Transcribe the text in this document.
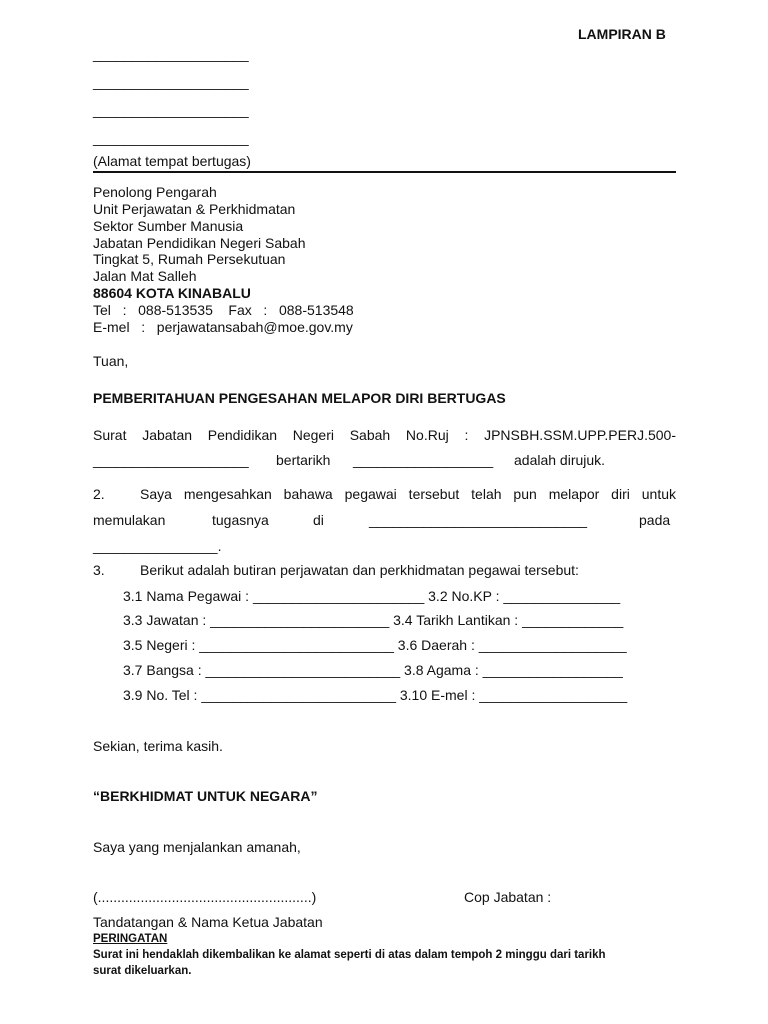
LAMPIRAN B
____________________
____________________
____________________
____________________
(Alamat tempat bertugas)
Penolong Pengarah
Unit Perjawatan & Perkhidmatan
Sektor Sumber Manusia
Jabatan Pendidikan Negeri Sabah
Tingkat 5, Rumah Persekutuan
Jalan Mat Salleh
88604 KOTA KINABALU
Tel   :   088-513535    Fax   :   088-513548
E-mel   :   perjawatansabah@moe.gov.my
Tuan,
PEMBERITAHUAN PENGESAHAN MELAPOR DIRI BERTUGAS
Surat Jabatan Pendidikan Negeri Sabah No.Ruj : JPNSBH.SSM.UPP.PERJ.500-
____________________ bertarikh __________________ adalah dirujuk.
2.	Saya mengesahkan bahawa pegawai tersebut telah pun melapor diri untuk
memulakan	tugasnya	di	____________________________	pada
________________.
3.	Berikut adalah butiran perjawatan dan perkhidmatan pegawai tersebut:
3.1 Nama Pegawai : ______________________ 3.2 No.KP : _______________
3.3 Jawatan : _______________________ 3.4 Tarikh Lantikan : _____________
3.5 Negeri : _________________________ 3.6 Daerah : ___________________
3.7 Bangsa : _________________________ 3.8 Agama : __________________
3.9 No. Tel : _________________________ 3.10 E-mel : ___________________
Sekian, terima kasih.
“BERKHIDMAT UNTUK NEGARA”
Saya yang menjalankan amanah,
(.......................................................)	Cop Jabatan :
Tandatangan & Nama Ketua Jabatan
PERINGATAN
Surat ini hendaklah dikembalikan ke alamat seperti di atas dalam tempoh 2 minggu dari tarikh
surat dikeluarkan.
